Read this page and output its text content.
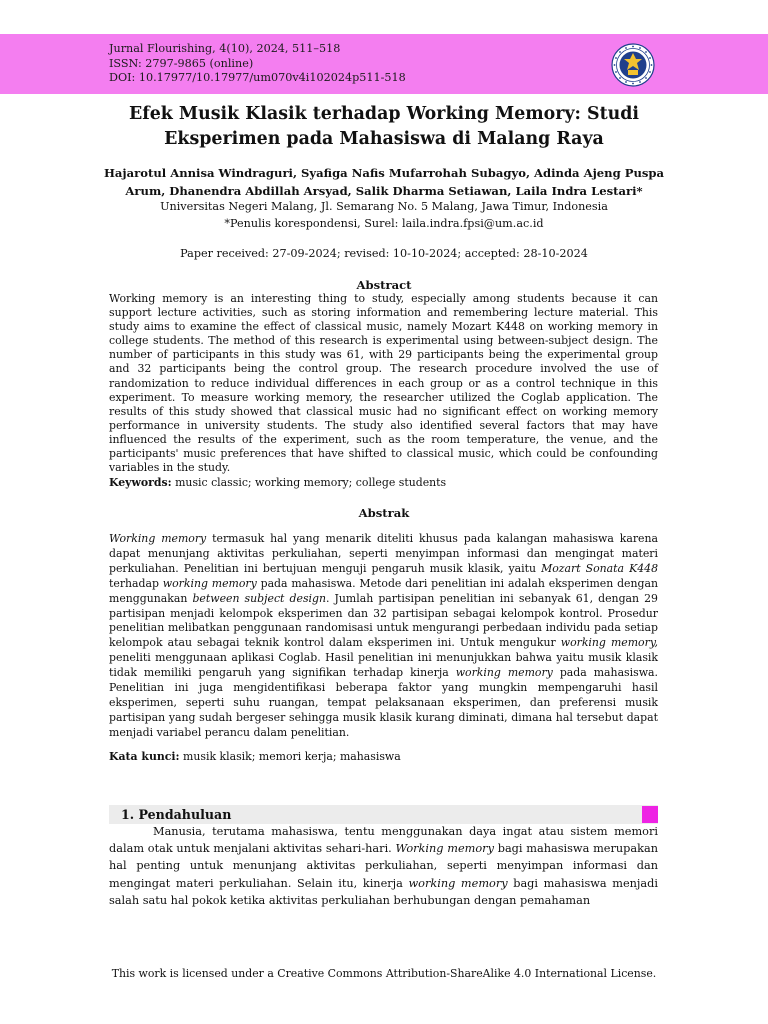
Jurnal Flourishing, 4(10), 2024, 511–518
ISSN: 2797-9865 (online)
DOI: 10.17977/10.17977/um070v4i102024p511-518
Efek Musik Klasik terhadap Working Memory: Studi
Eksperimen pada Mahasiswa di Malang Raya
Hajarotul Annisa Windraguri, Syafiga Nafis Mufarrohah Subagyo, Adinda Ajeng Puspa
Arum, Dhanendra Abdillah Arsyad, Salik Dharma Setiawan, Laila Indra Lestari*
Universitas Negeri Malang, Jl. Semarang No. 5 Malang, Jawa Timur, Indonesia
*Penulis korespondensi, Surel: laila.indra.fpsi@um.ac.id
Paper received: 27-09-2024; revised: 10-10-2024; accepted: 28-10-2024
Abstract
Working memory is an interesting thing to study, especially among students because it can support lecture activities, such as storing information and remembering lecture material. This study aims to examine the effect of classical music, namely Mozart K448 on working memory in college students. The method of this research is experimental using between-subject design. The number of participants in this study was 61, with 29 participants being the experimental group and 32 participants being the control group. The research procedure involved the use of randomization to reduce individual differences in each group or as a control technique in this experiment. To measure working memory, the researcher utilized the Coglab application. The results of this study showed that classical music had no significant effect on working memory performance in university students. The study also identified several factors that may have influenced the results of the experiment, such as the room temperature, the venue, and the participants' music preferences that have shifted to classical music, which could be confounding variables in the study.
Keywords: music classic; working memory; college students
Abstrak
Working memory termasuk hal yang menarik diteliti khusus pada kalangan mahasiswa karena dapat menunjang aktivitas perkuliahan, seperti menyimpan informasi dan mengingat materi perkuliahan. Penelitian ini bertujuan menguji pengaruh musik klasik, yaitu Mozart Sonata K448 terhadap working memory pada mahasiswa. Metode dari penelitian ini adalah eksperimen dengan menggunakan between subject design. Jumlah partisipan penelitian ini sebanyak 61, dengan 29 partisipan menjadi kelompok eksperimen dan 32 partisipan sebagai kelompok kontrol. Prosedur penelitian melibatkan penggunaan randomisasi untuk mengurangi perbedaan individu pada setiap kelompok atau sebagai teknik kontrol dalam eksperimen ini. Untuk mengukur working memory, peneliti menggunaan aplikasi Coglab. Hasil penelitian ini menunjukkan bahwa yaitu musik klasik tidak memiliki pengaruh yang signifikan terhadap kinerja working memory pada mahasiswa. Penelitian ini juga mengidentifikasi beberapa faktor yang mungkin mempengaruhi hasil eksperimen, seperti suhu ruangan, tempat pelaksanaan eksperimen, dan preferensi musik partisipan yang sudah bergeser sehingga musik klasik kurang diminati, dimana hal tersebut dapat menjadi variabel perancu dalam penelitian.
Kata kunci: musik klasik; memori kerja; mahasiswa
1. Pendahuluan
Manusia, terutama mahasiswa, tentu menggunakan daya ingat atau sistem memori dalam otak untuk menjalani aktivitas sehari-hari. Working memory bagi mahasiswa merupakan hal penting untuk menunjang aktivitas perkuliahan, seperti menyimpan informasi dan mengingat materi perkuliahan. Selain itu, kinerja working memory bagi mahasiswa menjadi salah satu hal pokok ketika aktivitas perkuliahan berhubungan dengan pemahaman
This work is licensed under a Creative Commons Attribution-ShareAlike 4.0 International License.
